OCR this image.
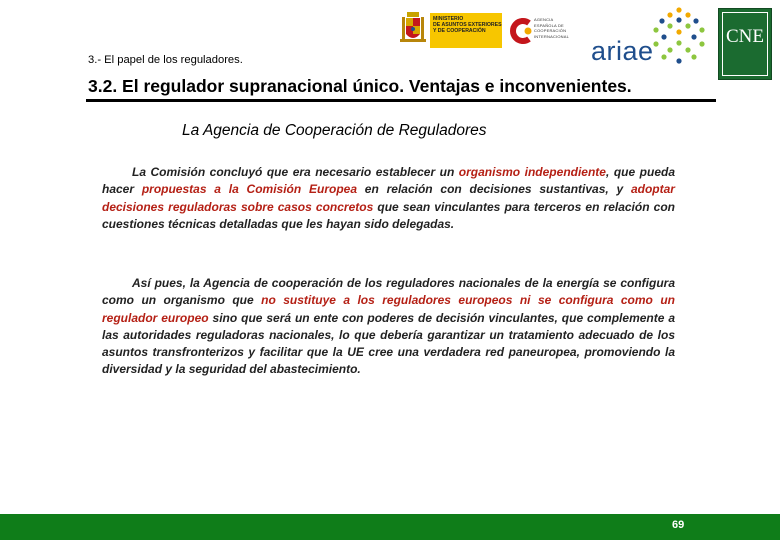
MINISTERIO
DE ASUNTOS EXTERIORES
Y DE COOPERACIÓN
AGENCIA
ESPAÑOLA DE
COOPERACIÓN
INTERNACIONAL ariae	CNE
3.- El papel de los reguladores.
3.2. El regulador supranacional único. Ventajas e inconvenientes.
La Agencia de Cooperación de Reguladores
La Comisión concluyó que era necesario establecer un organismo independiente, que pueda hacer propuestas a la Comisión Europea en relación con decisiones sustantivas, y adoptar decisiones reguladoras sobre casos concretos que sean vinculantes para terceros en relación con cuestiones técnicas detalladas que les hayan sido delegadas.
Así pues, la Agencia de cooperación de los reguladores nacionales de la energía se configura como un organismo que no sustituye a los reguladores europeos ni se configura como un regulador europeo sino que será un ente con poderes de decisión vinculantes, que complemente a las autoridades reguladoras nacionales, lo que debería garantizar un tratamiento adecuado de los asuntos transfronterizos y facilitar que la UE cree una verdadera red paneuropea, promoviendo la diversidad y la seguridad del abastecimiento.
69
